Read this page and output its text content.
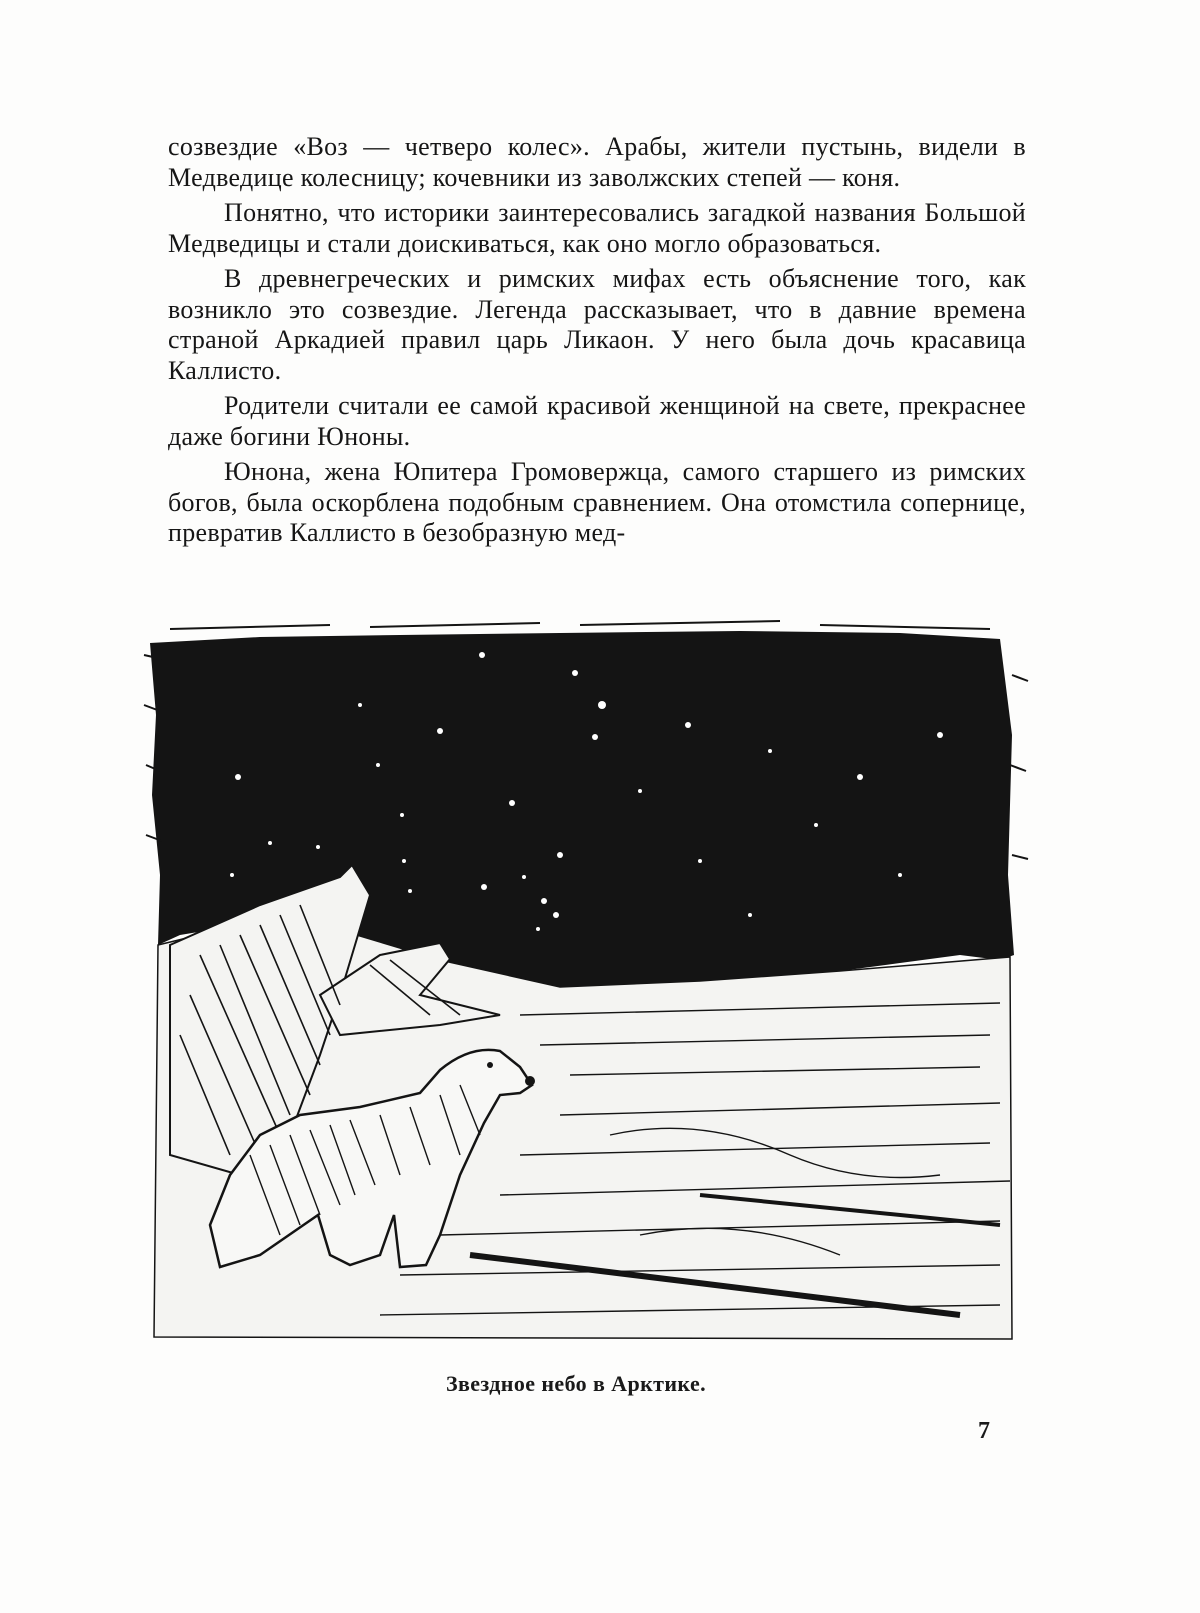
созвездие «Воз — четверо колес». Арабы, жители пустынь, видели в Медведице колесницу; кочевники из заволжских степей — коня.

Понятно, что историки заинтересовались загадкой названия Большой Медведицы и стали доискиваться, как оно могло образоваться.

В древнегреческих и римских мифах есть объяснение того, как возникло это созвездие. Легенда рассказывает, что в давние времена страной Аркадией правил царь Ликаон. У него была дочь красавица Каллисто.

Родители считали ее самой красивой женщиной на свете, прекраснее даже богини Юноны.

Юнона, жена Юпитера Громовержца, самого старшего из римских богов, была оскорблена подобным сравнением. Она отомстила сопернице, превратив Каллисто в безобразную мед-

Звездное небо в Арктике.
7
